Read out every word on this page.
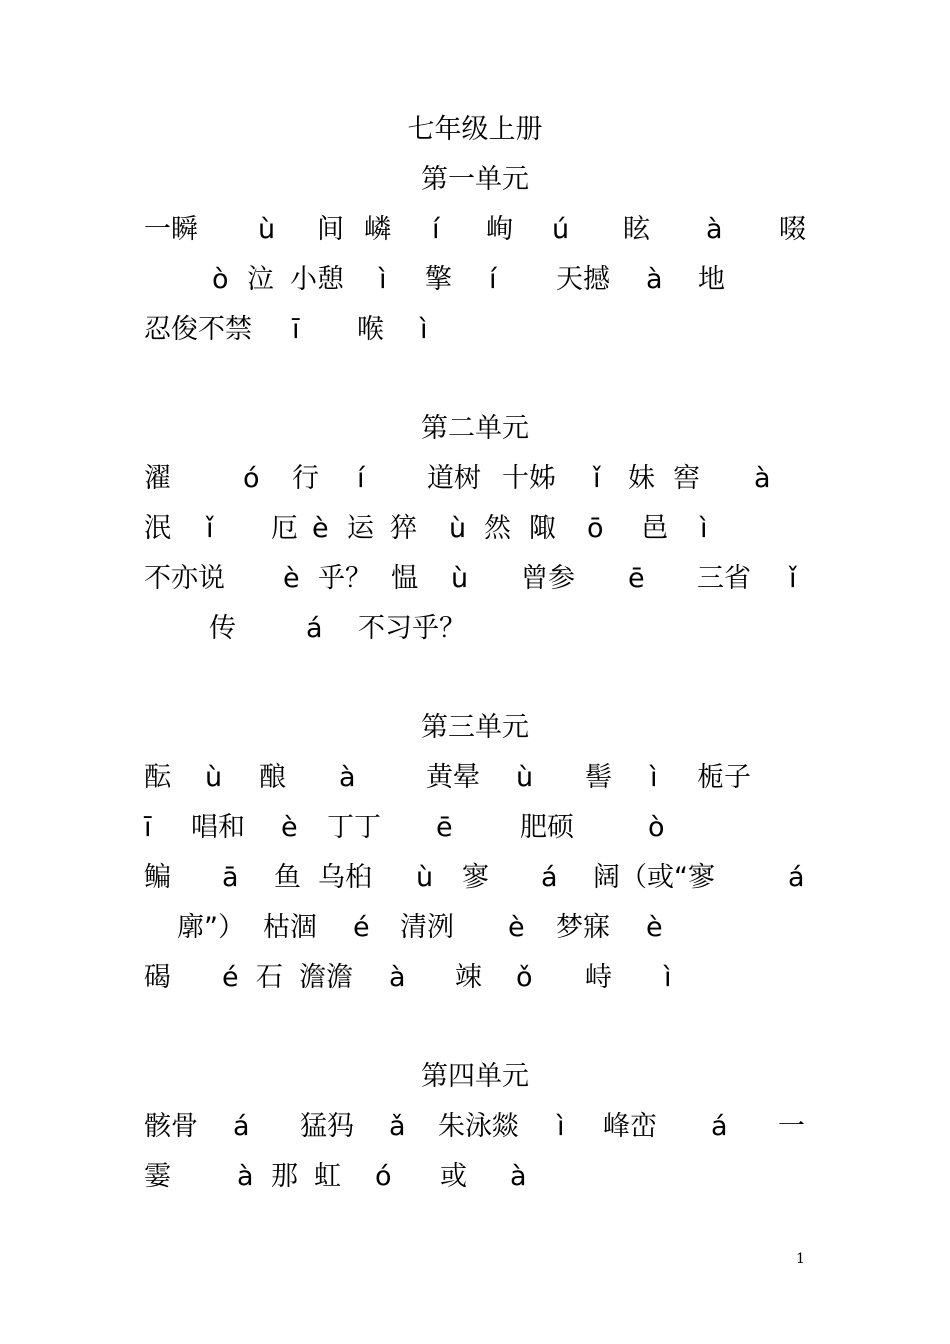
七年级上册
第一单元
一瞬 ù 间 嶙 í 峋 ú 眩 à 啜
ò 泣 小憩 ì 擎 í 天撼 à 地
忍俊不禁 ī 喉 ì
第二单元
濯	ó 行 í 道树 十姊 ǐ 妹 窖 à
泯 ǐ 厄 è 运 猝 ù 然 陬 ō 邑 ì
不亦说 è 乎？ 愠 ù 曾参 ē 三省 ǐ
传	á 不习乎？
第三单元
酝 ù 酿 à	黄晕 ù 髻 ì 栀子
ī 唱和 è 丁丁 ē 肥硕	ò
鳊 ā 鱼 乌桕 ù 寥 á 阔（或“寥	á
廓”） 枯涸 é 清洌 è 梦寐 è
碣 é 石 澹澹 à 竦 ǒ 峙 ì
第四单元
骸骨 á 猛犸 ǎ 朱泳燚 ì 峰峦 á 一
霎 à 那 虹 ó 或 à
1
